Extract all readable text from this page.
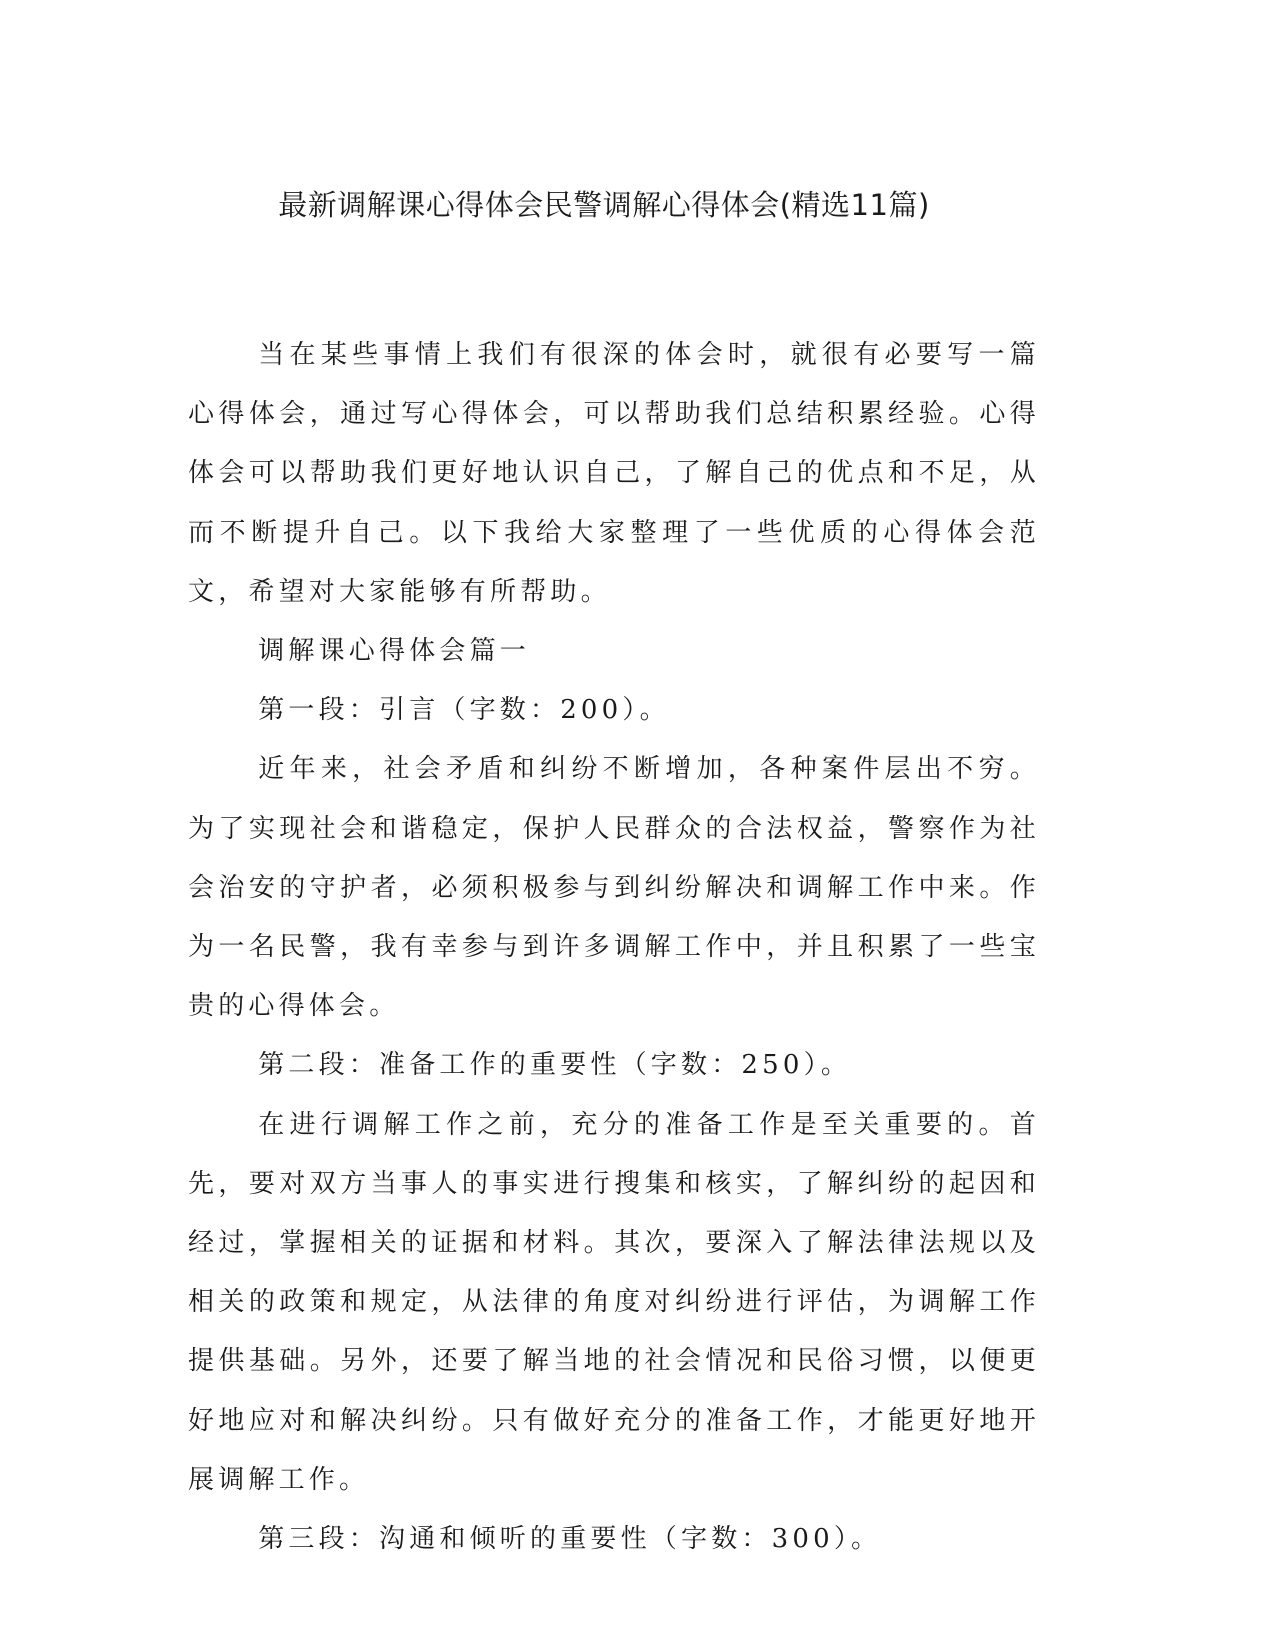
最新调解课心得体会民警调解心得体会(精选11篇)

当在某些事情上我们有很深的体会时，就很有必要写一篇心得体会，通过写心得体会，可以帮助我们总结积累经验。心得体会可以帮助我们更好地认识自己，了解自己的优点和不足，从而不断提升自己。以下我给大家整理了一些优质的心得体会范文，希望对大家能够有所帮助。

调解课心得体会篇一

第一段：引言（字数：200）。

近年来，社会矛盾和纠纷不断增加，各种案件层出不穷。为了实现社会和谐稳定，保护人民群众的合法权益，警察作为社会治安的守护者，必须积极参与到纠纷解决和调解工作中来。作为一名民警，我有幸参与到许多调解工作中，并且积累了一些宝贵的心得体会。

第二段：准备工作的重要性（字数：250）。

在进行调解工作之前，充分的准备工作是至关重要的。首先，要对双方当事人的事实进行搜集和核实，了解纠纷的起因和经过，掌握相关的证据和材料。其次，要深入了解法律法规以及相关的政策和规定，从法律的角度对纠纷进行评估，为调解工作提供基础。另外，还要了解当地的社会情况和民俗习惯，以便更好地应对和解决纠纷。只有做好充分的准备工作，才能更好地开展调解工作。

第三段：沟通和倾听的重要性（字数：300）。
